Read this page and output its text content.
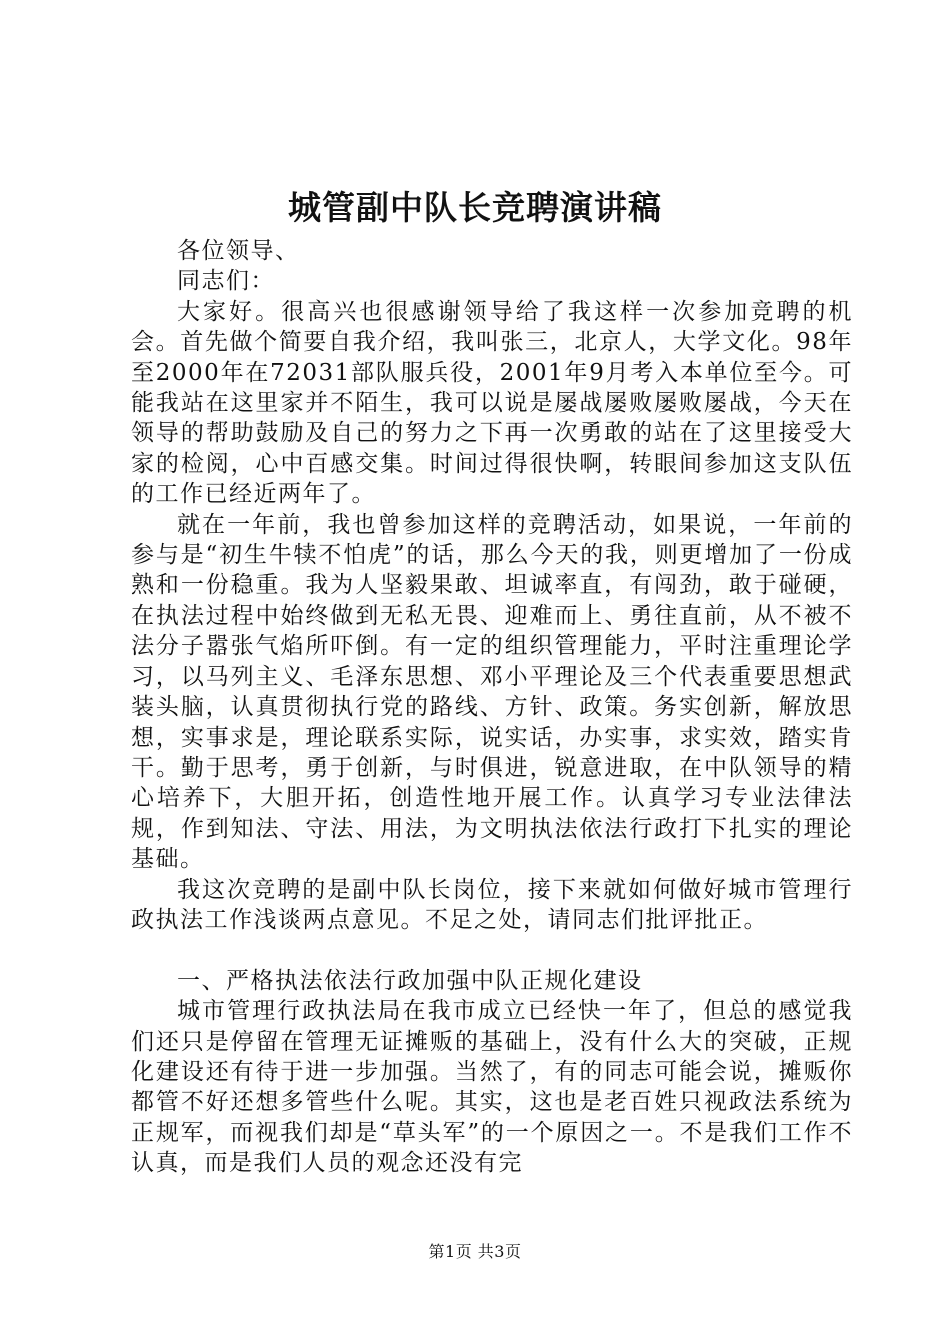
城管副中队长竞聘演讲稿

各位领导、

同志们：

大家好。很高兴也很感谢领导给了我这样一次参加竞聘的机会。首先做个简要自我介绍，我叫张三，北京人，大学文化。98年至2000年在72031部队服兵役，2001年9月考入本单位至今。可能我站在这里家并不陌生，我可以说是屡战屡败屡败屡战，今天在领导的帮助鼓励及自己的努力之下再一次勇敢的站在了这里接受大家的检阅，心中百感交集。时间过得很快啊，转眼间参加这支队伍的工作已经近两年了。

就在一年前，我也曾参加这样的竞聘活动，如果说，一年前的参与是“初生牛犊不怕虎”的话，那么今天的我，则更增加了一份成熟和一份稳重。我为人坚毅果敢、坦诚率直，有闯劲，敢于碰硬，在执法过程中始终做到无私无畏、迎难而上、勇往直前，从不被不法分子嚣张气焰所吓倒。有一定的组织管理能力，平时注重理论学习，以马列主义、毛泽东思想、邓小平理论及三个代表重要思想武装头脑，认真贯彻执行党的路线、方针、政策。务实创新，解放思想，实事求是，理论联系实际，说实话，办实事，求实效，踏实肯干。勤于思考，勇于创新，与时俱进，锐意进取，在中队领导的精心培养下，大胆开拓，创造性地开展工作。认真学习专业法律法规，作到知法、守法、用法，为文明执法依法行政打下扎实的理论基础。

我这次竞聘的是副中队长岗位，接下来就如何做好城市管理行政执法工作浅谈两点意见。不足之处，请同志们批评批正。

一、严格执法依法行政加强中队正规化建设

城市管理行政执法局在我市成立已经快一年了，但总的感觉我们还只是停留在管理无证摊贩的基础上，没有什么大的突破，正规化建设还有待于进一步加强。当然了，有的同志可能会说，摊贩你都管不好还想多管些什么呢。其实，这也是老百姓只视政法系统为正规军，而视我们却是“草头军”的一个原因之一。不是我们工作不认真，而是我们人员的观念还没有完

第1页 共3页
